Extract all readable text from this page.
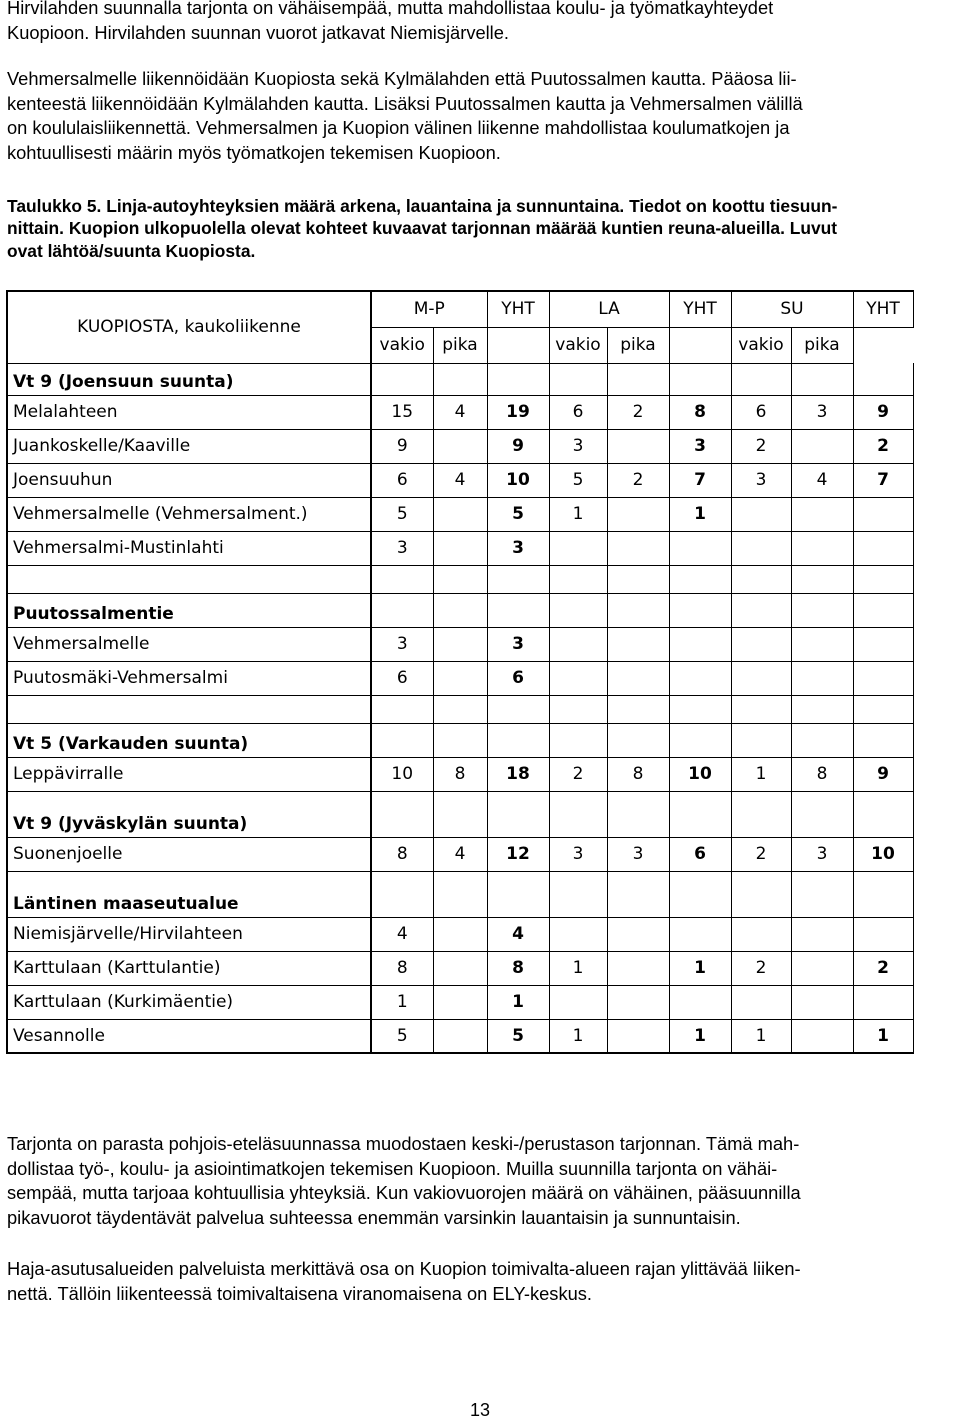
Hirvilahden suunnalla tarjonta on vähäisempää, mutta mahdollistaa koulu- ja työmatkayhteydet
Kuopioon. Hirvilahden suunnan vuorot jatkavat Niemisjärvelle.
Vehmersalmelle liikennöidään Kuopiosta sekä Kylmälahden että Puutossalmen kautta. Pääosa lii-
kenteestä liikennöidään Kylmälahden kautta. Lisäksi Puutossalmen kautta ja Vehmersalmen välillä
on koululaisliikennettä. Vehmersalmen ja Kuopion välinen liikenne mahdollistaa koulumatkojen ja
kohtuullisesti määrin myös työmatkojen tekemisen Kuopioon.
Taulukko 5. Linja-autoyhteyksien määrä arkena, lauantaina ja sunnuntaina. Tiedot on koottu tiesuun-
nittain. Kuopion ulkopuolella olevat kohteet kuvaavat tarjonnan määrää kuntien reuna-alueilla. Luvut
ovat lähtöä/suunta Kuopiosta.
KUOPIOSTA, kaukoliikenne	M-P		YHT	LA		YHT	SU		YHT
	vakio	pika		vakio	pika		vakio	pika	
Vt 9 (Joensuun suunta)									
Melalahteen	15	4	19	6	2	8	6	3	9
Juankoskelle/Kaaville	9		9	3		3	2		2
Joensuuhun	6	4	10	5	2	7	3	4	7
Vehmersalmelle (Vehmersalment.)	5		5	1		1			
Vehmersalmi-Mustinlahti	3		3						

Puutossalmentie									
Vehmersalmelle	3		3						
Puutosmäki-Vehmersalmi	6		6						

Vt 5 (Varkauden suunta)									
Leppävirralle	10	8	18	2	8	10	1	8	9
Vt 9 (Jyväskylän suunta)									
Suonenjoelle	8	4	12	3	3	6	2	3	10
Läntinen maaseutualue									
Niemisjärvelle/Hirvilahteen	4		4						
Karttulaan (Karttulantie)	8		8	1		1	2		2
Karttulaan (Kurkimäentie)	1		1						
Vesannolle	5		5	1		1	1		1
Tarjonta on parasta pohjois-eteläsuunnassa muodostaen keski-/perustason tarjonnan. Tämä mah-
dollistaa työ-, koulu- ja asiointimatkojen tekemisen Kuopioon. Muilla suunnilla tarjonta on vähäi-
sempää, mutta tarjoaa kohtuullisia yhteyksiä. Kun vakiovuorojen määrä on vähäinen, pääsuunnilla
pikavuorot täydentävät palvelua suhteessa enemmän varsinkin lauantaisin ja sunnuntaisin.
Haja-asutusalueiden palveluista merkittävä osa on Kuopion toimivalta-alueen rajan ylittävää liiken-
nettä. Tällöin liikenteessä toimivaltaisena viranomaisena on ELY-keskus.
13
